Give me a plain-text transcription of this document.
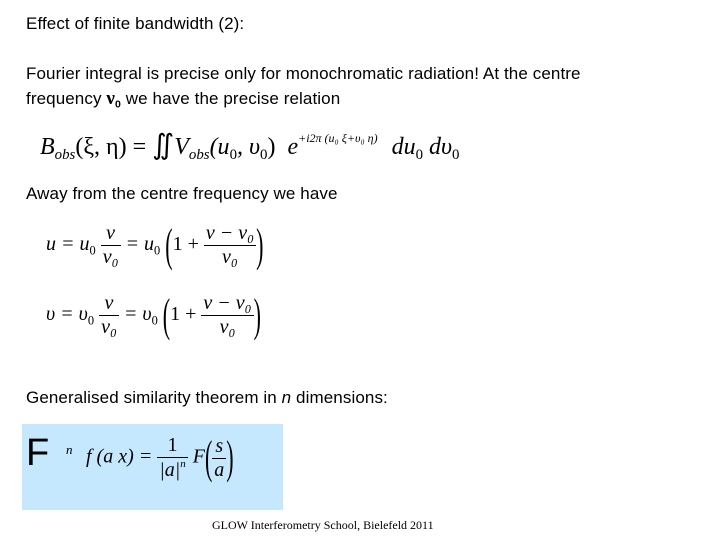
Effect of finite bandwidth (2):
Fourier integral is precise only for monochromatic radiation! At the centre
frequency $\nu_0$ we have the precise relation
$B_{obs}(\xi$, $\eta) = ∬V_{obs}(u_0$, $\upsilon_0$) $e^{+i2\pi (u_0 \xi+\upsilon_0 \eta)}$ $du_0$ $d\upsilon_0$
Away from the centre frequency we have
$u = u_0 \frac{\nu}{\text{ν₀}} = u_0$ ($1 + \frac{\text{ν − ν₀}}{\text{ν₀}}$ )
$\upsilon = \upsilon_0 \frac{\nu}{\text{ν₀}} = \upsilon_0$ ($1 + \frac{\text{ν − ν₀}}{\text{ν₀}}$ )
Generalised similarity theorem in n dimensions:
F n f (a $x) = \frac{1}{|a|^n} F( \frac{s}{a}$ )
GLOW Interferometry School, Bielefeld 2011
